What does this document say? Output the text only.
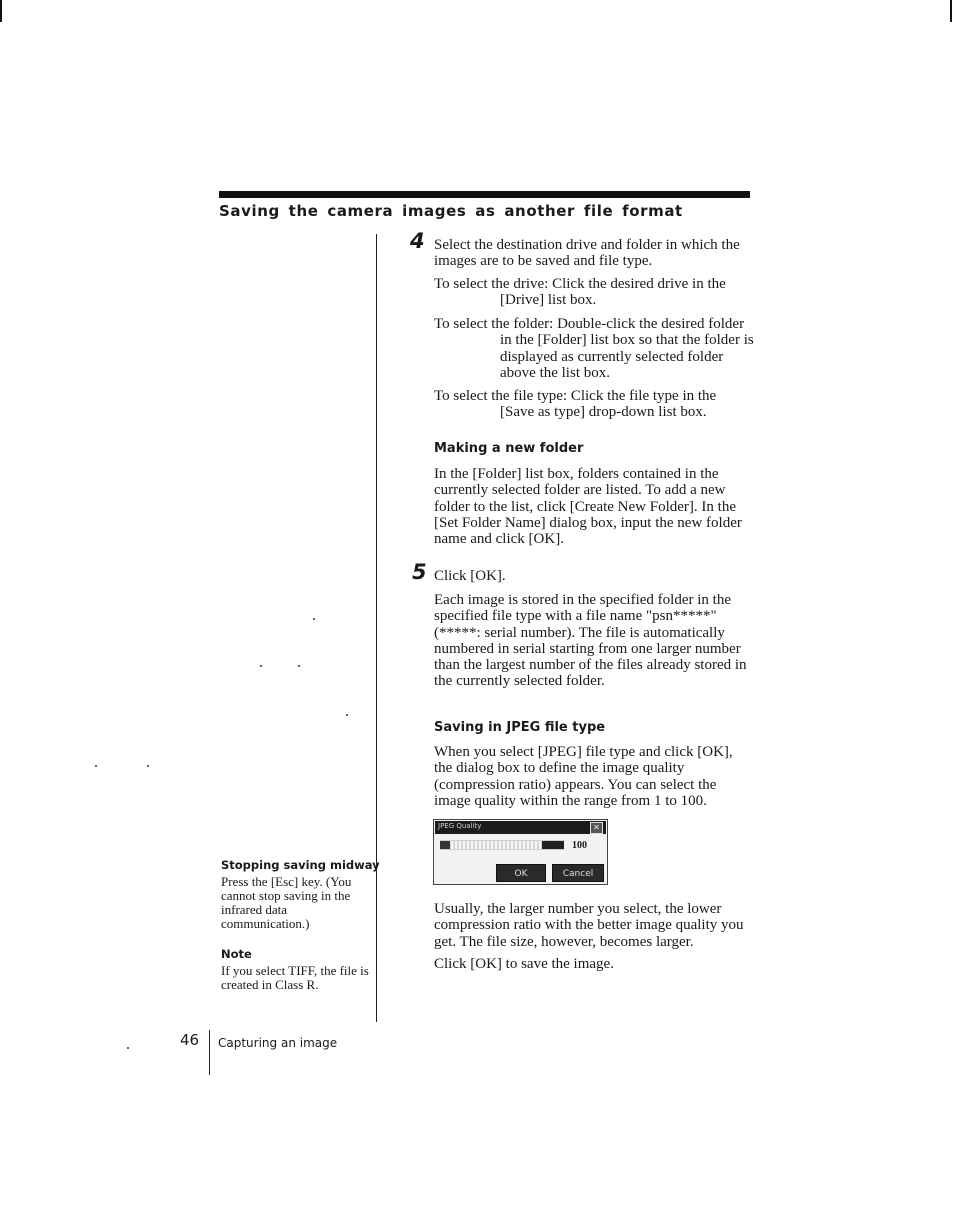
Saving the camera images as another file format
4 Select the destination drive and folder in which the images are to be saved and file type.

To select the drive: Click the desired drive in the [Drive] list box.

To select the folder: Double-click the desired folder in the [Folder] list box so that the folder is displayed as currently selected folder above the list box.

To select the file type: Click the file type in the [Save as type] drop-down list box.

Making a new folder

In the [Folder] list box, folders contained in the currently selected folder are listed. To add a new folder to the list, click [Create New Folder]. In the [Set Folder Name] dialog box, input the new folder name and click [OK].

5 Click [OK].

Each image is stored in the specified folder in the specified file type with a file name "psn*****" (*****: serial number). The file is automatically numbered in serial starting from one larger number than the largest number of the files already stored in the currently selected folder.

Saving in JPEG file type

When you select [JPEG] file type and click [OK], the dialog box to define the image quality (compression ratio) appears. You can select the image quality within the range from 1 to 100.

JPEG Quality	✕
100
OK	Cancel

Usually, the larger number you select, the lower compression ratio with the better image quality you get. The file size, however, becomes larger.

Click [OK] to save the image.

Stopping saving midway

Press the [Esc] key. (You cannot stop saving in the infrared data communication.)

Note

If you select TIFF, the file is created in Class R.

46 Capturing an image
